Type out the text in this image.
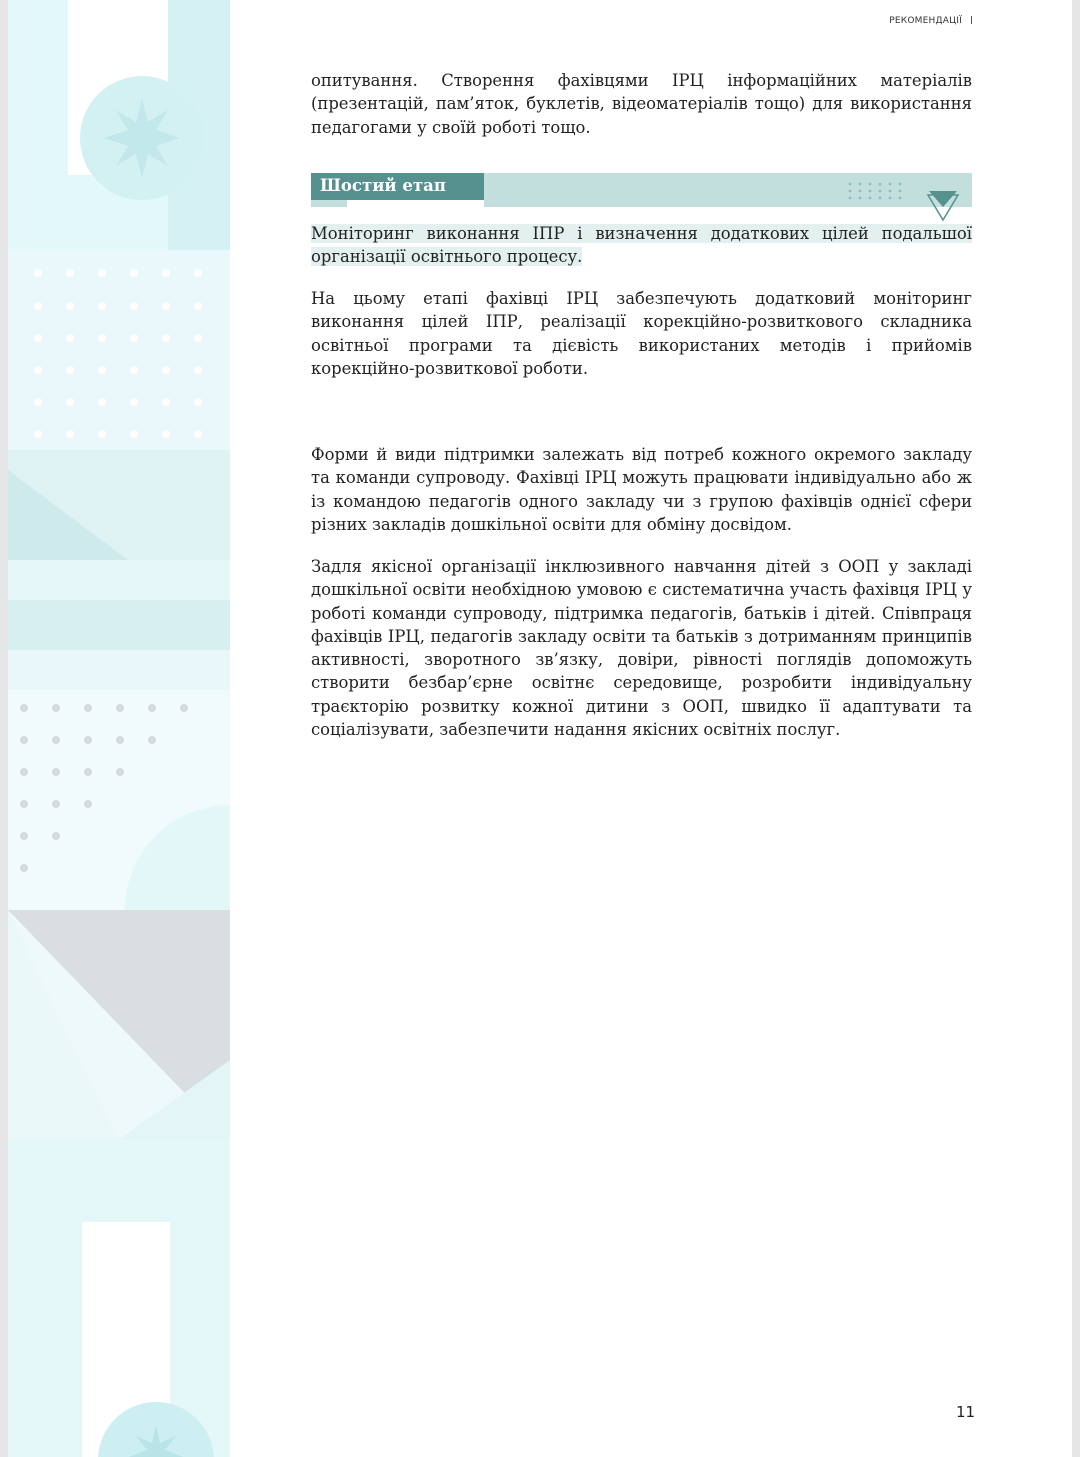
РЕКОМЕНДАЦІЇ

опитування. Створення фахівцями ІРЦ інформаційних матеріалів (презентацій, пам’яток, буклетів, відеоматеріалів тощо) для використання педагогами у своїй роботі тощо.

Шостий етап

Моніторинг виконання ІПР і визначення додаткових цілей подальшої організації освітнього процесу.

На цьому етапі фахівці ІРЦ забезпечують додатковий моніторинг виконання цілей ІПР, реалізації корекційно-розвиткового складника освітньої програми та дієвість використаних методів і прийомів корекційно-розвиткової роботи.

Форми й види підтримки залежать від потреб кожного окремого закладу та команди супроводу. Фахівці ІРЦ можуть працювати індивідуально або ж із командою педагогів одного закладу чи з групою фахівців однієї сфери різних закладів дошкільної освіти для обміну досвідом.

Задля якісної організації інклюзивного навчання дітей з ООП у закладі дошкільної освіти необхідною умовою є систематична участь фахівця ІРЦ у роботі команди супроводу, підтримка педагогів, батьків і дітей. Співпраця фахівців ІРЦ, педагогів закладу освіти та батьків з дотриманням принципів активності, зворотного зв’язку, довіри, рівності поглядів допоможуть створити безбар’єрне освітнє середовище, розробити індивідуальну траєкторію розвитку кожної дитини з ООП, швидко її адаптувати та соціалізувати, забезпечити надання якісних освітніх послуг.

11
